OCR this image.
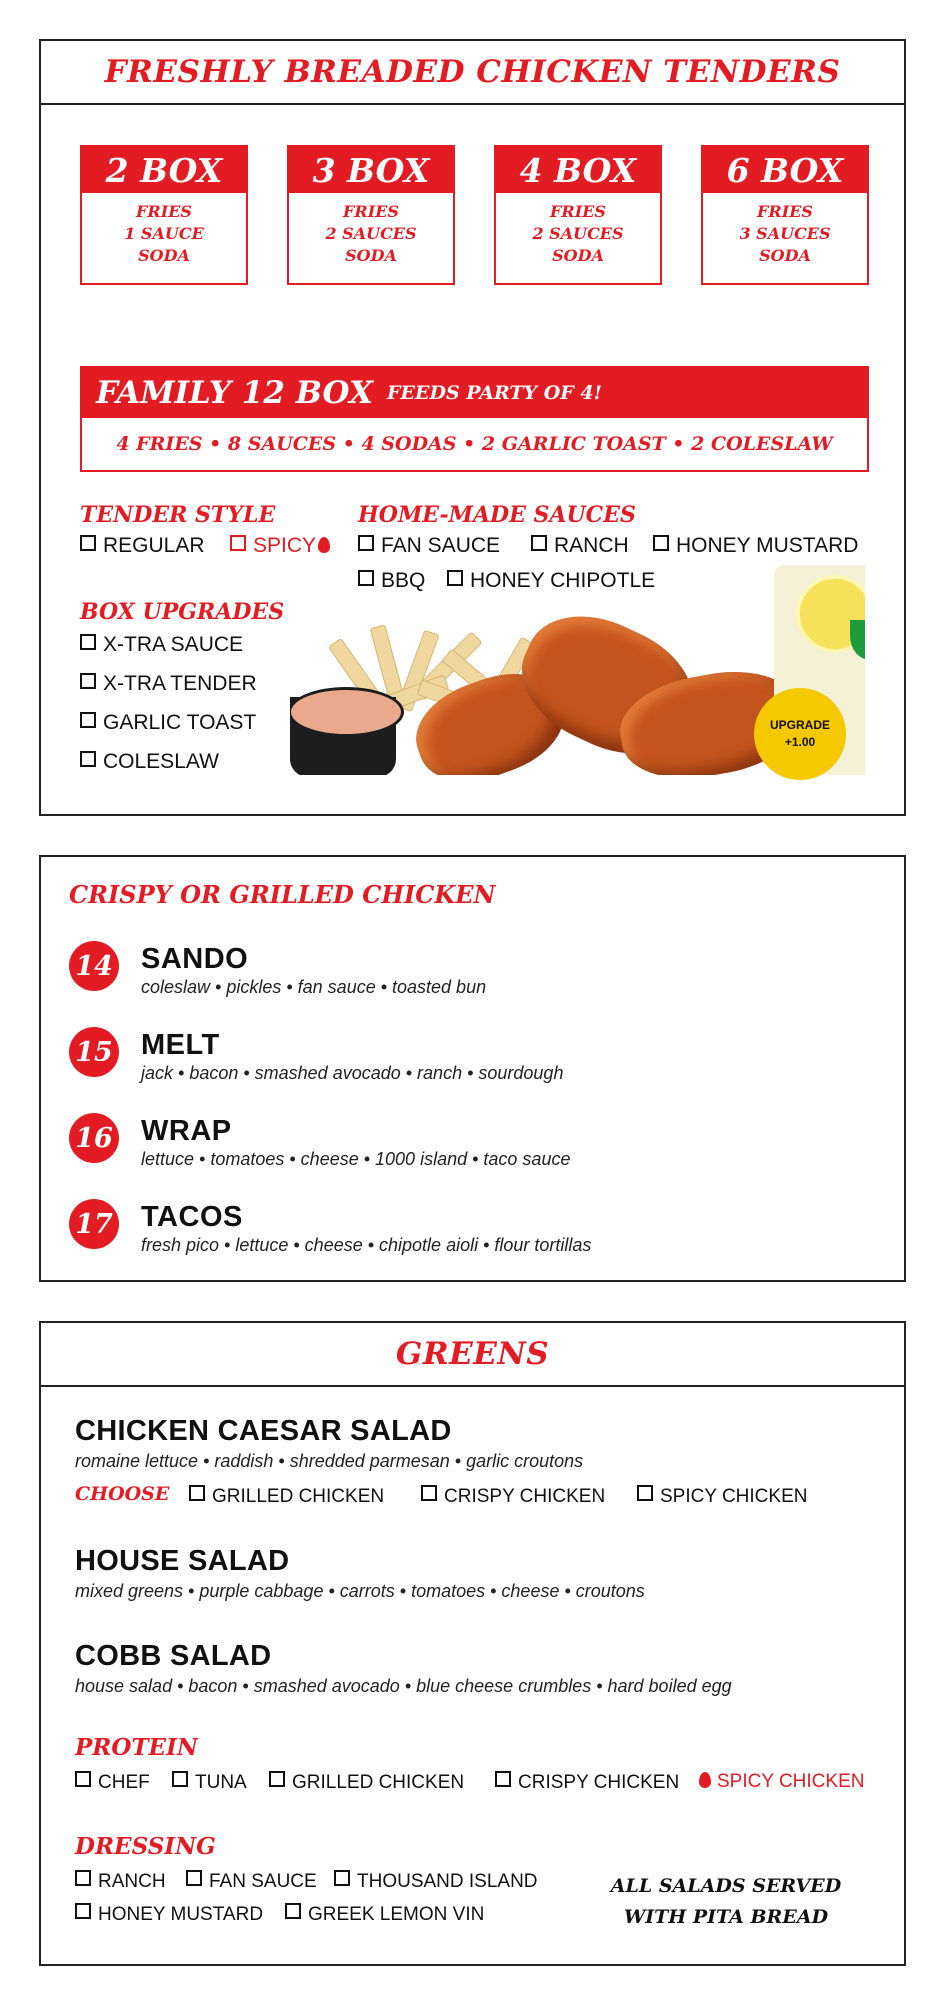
FRESHLY BREADED CHICKEN TENDERS
2 BOX
FRIES
1 SAUCE
SODA
3 BOX
FRIES
2 SAUCES
SODA
4 BOX
FRIES
2 SAUCES
SODA
6 BOX
FRIES
3 SAUCES
SODA
FAMILY 12 BOX FEEDS PARTY OF 4!
4 FRIES • 8 SAUCES • 4 SODAS • 2 GARLIC TOAST • 2 COLESLAW
TENDER STYLE
REGULAR	SPICY
HOME-MADE SAUCES
FAN SAUCE	RANCH	HONEY MUSTARD
BBQ	HONEY CHIPOTLE
BOX UPGRADES
X-TRA SAUCE
X-TRA TENDER
GARLIC TOAST
COLESLAW
UPGRADE
+1.00
CRISPY OR GRILLED CHICKEN
14 SANDO
coleslaw • pickles • fan sauce • toasted bun
15 MELT
jack • bacon • smashed avocado • ranch • sourdough
16 WRAP
lettuce • tomatoes • cheese • 1000 island • taco sauce
17 TACOS
fresh pico • lettuce • cheese • chipotle aioli • flour tortillas
GREENS
CHICKEN CAESAR SALAD
romaine lettuce • raddish • shredded parmesan • garlic croutons
CHOOSE	GRILLED CHICKEN	CRISPY CHICKEN	SPICY CHICKEN
HOUSE SALAD
mixed greens • purple cabbage • carrots • tomatoes • cheese • croutons
COBB SALAD
house salad • bacon • smashed avocado • blue cheese crumbles • hard boiled egg
PROTEIN
CHEF	TUNA	GRILLED CHICKEN	CRISPY CHICKEN	SPICY CHICKEN
DRESSING
RANCH	FAN SAUCE	THOUSAND ISLAND
HONEY MUSTARD	GREEK LEMON VIN
ALL SALADS SERVED
WITH PITA BREAD
